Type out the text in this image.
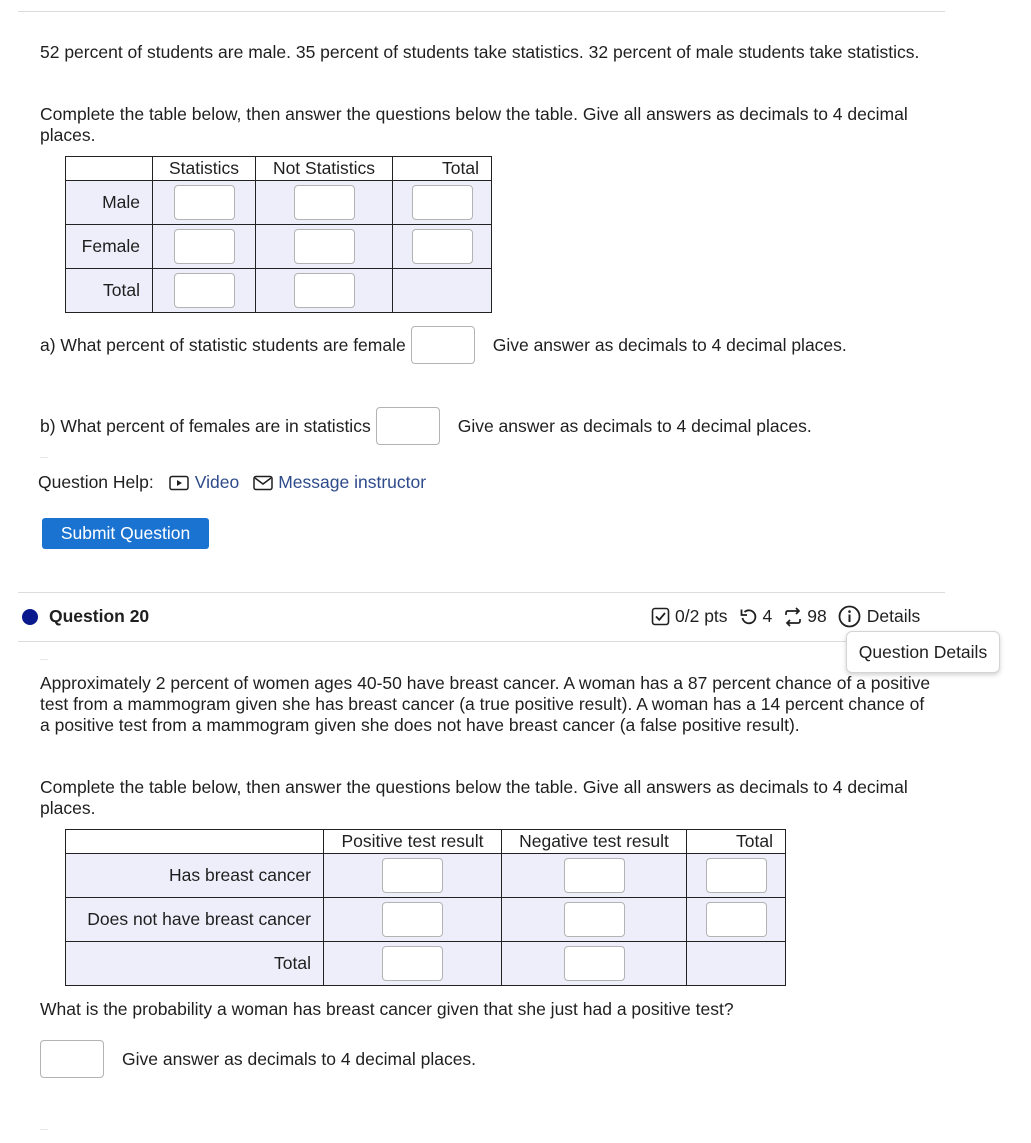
52 percent of students are male. 35 percent of students take statistics. 32 percent of male students take statistics.

Complete the table below, then answer the questions below the table. Give all answers as decimals to 4 decimal places.

	Statistics	Not Statistics	Total
Male			
Female			
Total			
a) What percent of statistic students are female	Give answer as decimals to 4 decimal places.
b) What percent of females are in statistics	Give answer as decimals to 4 decimal places.
Question Help: Video Message instructor
Submit Question
Question 20	0/2 pts 4 98 Details
Question Details

Approximately 2 percent of women ages 40-50 have breast cancer. A woman has a 87 percent chance of a positive test from a mammogram given she has breast cancer (a true positive result). A woman has a 14 percent chance of a positive test from a mammogram given she does not have breast cancer (a false positive result).

Complete the table below, then answer the questions below the table. Give all answers as decimals to 4 decimal places.

	Positive test result	Negative test result	Total
Has breast cancer			
Does not have breast cancer			
Total			

What is the probability a woman has breast cancer given that she just had a positive test?

Give answer as decimals to 4 decimal places.
